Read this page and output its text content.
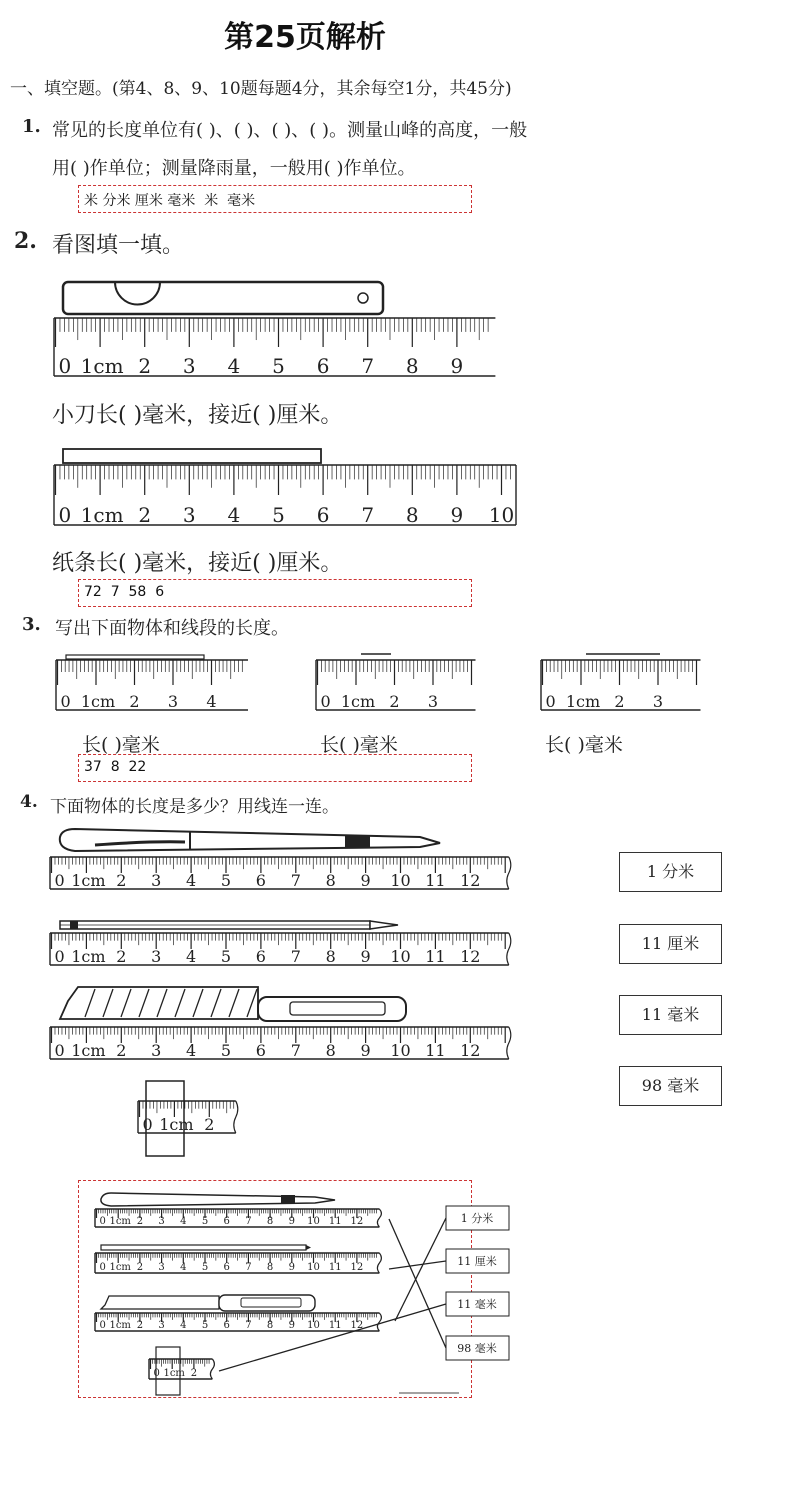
第25页解析
一、填空题。(第4、8、9、10题每题4分，其余每空1分，共45分)
1. 常见的长度单位有( )、( )、( )、( )。测量山峰的高度，一般
用( )作单位；测量降雨量，一般用( )作单位。
米 分米 厘米 毫米  米  毫米
2. 看图填一填。
0 1cm 2 3 4 5 6 7 8 9
小刀长( )毫米，接近( )厘米。
0 1cm 2 3 4 5 6 7 8 9 10
纸条长( )毫米，接近( )厘米。
72  7  58  6
3. 写出下面物体和线段的长度。
0 1cm 2 3 4	0 1cm 2 3	0 1cm 2 3
长( )毫米	长( )毫米	长( )毫米
37  8  22
4. 下面物体的长度是多少？用线连一连。
0 1cm 2 3 4 5 6 7 8 9 10 11 12
0 1cm 2 3 4 5 6 7 8 9 10 11 12
0 1cm 2 3 4 5 6 7 8 9 10 11 12
0 1cm 2
1 分米
11 厘米
11 毫米
98 毫米
0 1cm 2 3 4 5 6 7 8 9 10 11 12
0 1cm 2 3 4 5 6 7 8 9 10 11 12
0 1cm 2 3 4 5 6 7 8 9 10 11 12
0 1cm 2
1 分米
11 厘米
11 毫米
98 毫米
